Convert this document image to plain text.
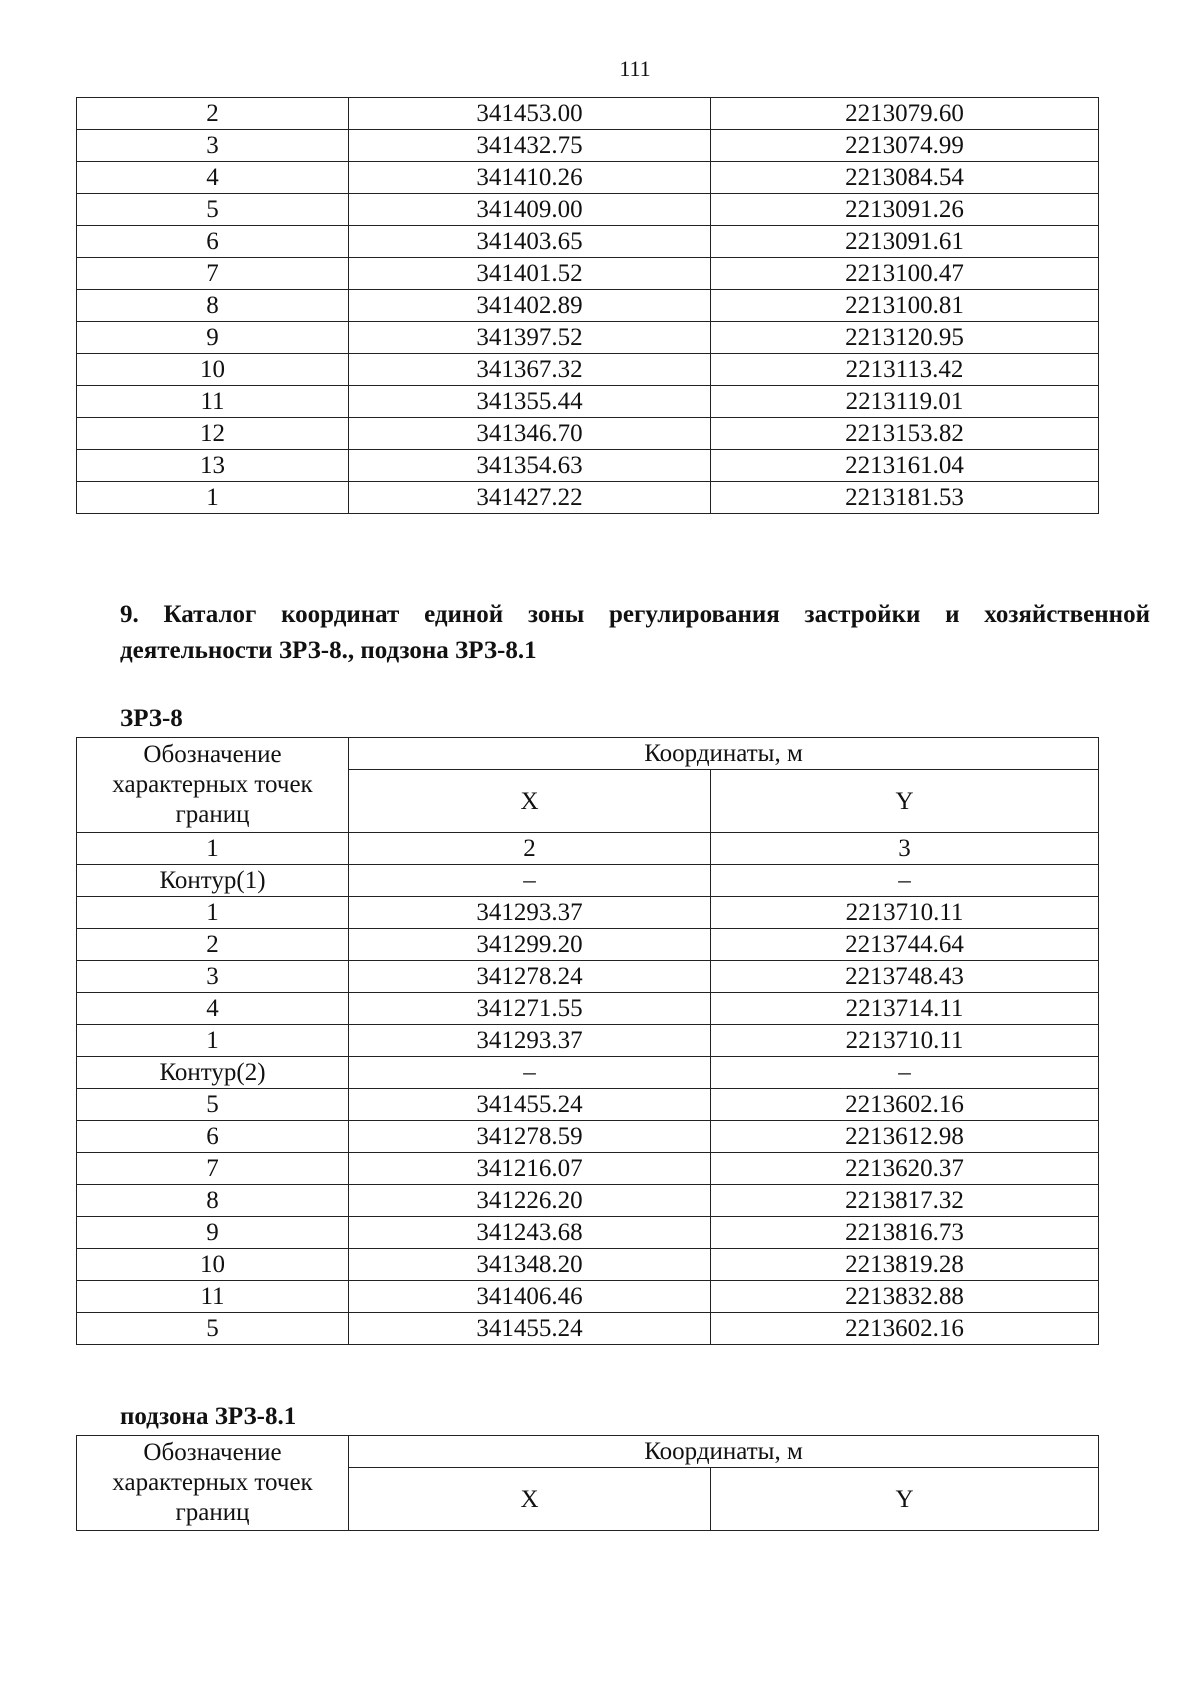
111
2	341453.00	2213079.60
3	341432.75	2213074.99
4	341410.26	2213084.54
5	341409.00	2213091.26
6	341403.65	2213091.61
7	341401.52	2213100.47
8	341402.89	2213100.81
9	341397.52	2213120.95
10	341367.32	2213113.42
11	341355.44	2213119.01
12	341346.70	2213153.82
13	341354.63	2213161.04
1	341427.22	2213181.53
9. Каталог координат единой зоны регулирования застройки и хозяйственной деятельности ЗРЗ-8., подзона ЗРЗ-8.1
ЗРЗ-8
Обозначение характерных точек границ	Координаты, м	
	X	Y
1	2	3
Контур(1)	–	–
1	341293.37	2213710.11
2	341299.20	2213744.64
3	341278.24	2213748.43
4	341271.55	2213714.11
1	341293.37	2213710.11
Контур(2)	–	–
5	341455.24	2213602.16
6	341278.59	2213612.98
7	341216.07	2213620.37
8	341226.20	2213817.32
9	341243.68	2213816.73
10	341348.20	2213819.28
11	341406.46	2213832.88
5	341455.24	2213602.16
подзона ЗРЗ-8.1
Обозначение характерных точек границ	Координаты, м	
	X	Y
